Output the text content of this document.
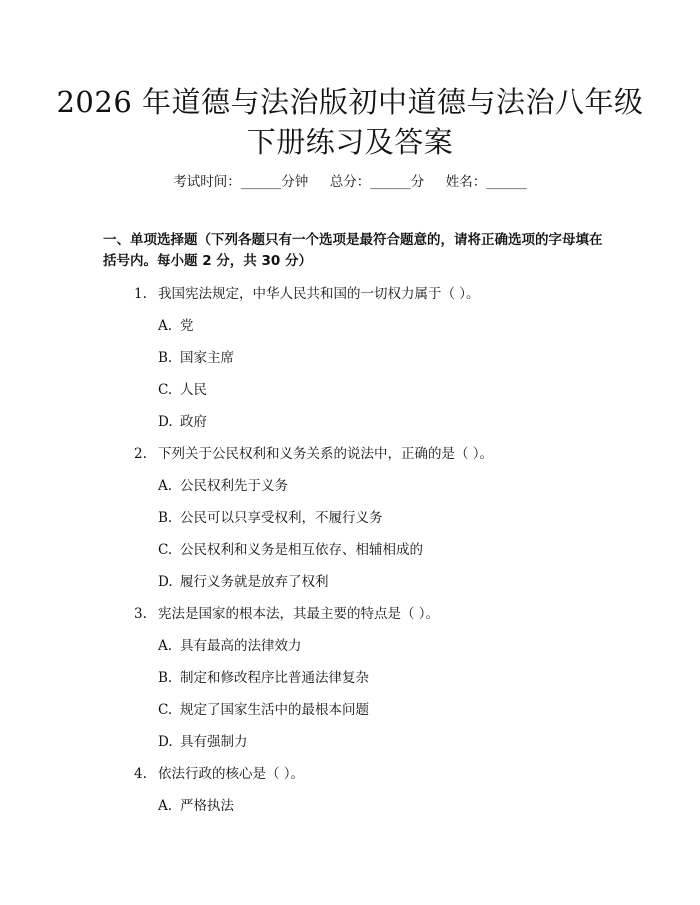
2026 年道德与法治版初中道德与法治八年级
下册练习及答案
考试时间：______分钟     总分：______分     姓名：______
一、单项选择题（下列各题只有一个选项是最符合题意的，请将正确选项的字母填在括号内。每小题 2 分，共 30 分）
1. 我国宪法规定，中华人民共和国的一切权力属于（ ）。
A. 党
B. 国家主席
C. 人民
D. 政府
2. 下列关于公民权利和义务关系的说法中，正确的是（ ）。
A. 公民权利先于义务
B. 公民可以只享受权利，不履行义务
C. 公民权利和义务是相互依存、相辅相成的
D. 履行义务就是放弃了权利
3. 宪法是国家的根本法，其最主要的特点是（ ）。
A. 具有最高的法律效力
B. 制定和修改程序比普通法律复杂
C. 规定了国家生活中的最根本问题
D. 具有强制力
4. 依法行政的核心是（ ）。
A. 严格执法
